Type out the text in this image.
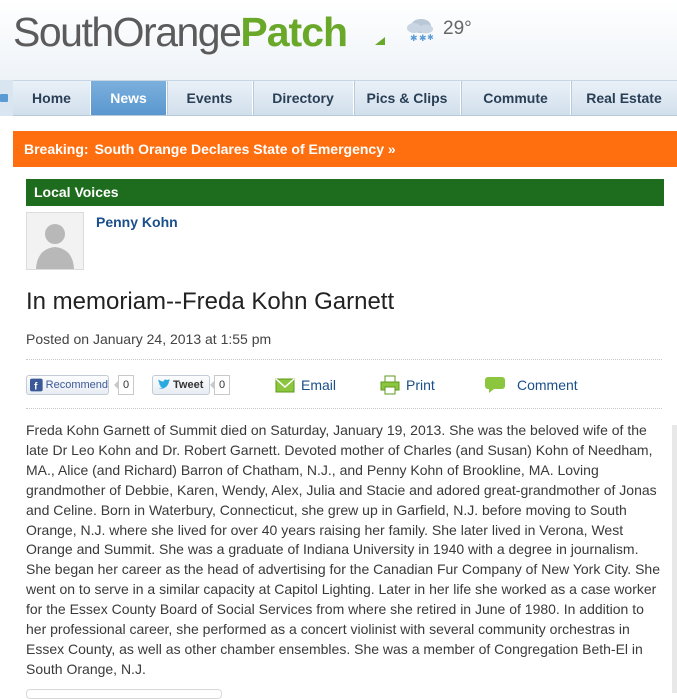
SouthOrangePatch	✱ ✱ ✱ 29°
Home	News	Events	Directory	Pics & Clips	Commute	Real Estate
Breaking: South Orange Declares State of Emergency »
Local Voices
Penny Kohn
In memoriam--Freda Kohn Garnett
Posted on January 24, 2013 at 1:55 pm
f Recommend	0	Tweet	0	Email	Print	Comment
Freda Kohn Garnett of Summit died on Saturday, January 19, 2013. She was the beloved wife of the late Dr Leo Kohn and Dr. Robert Garnett. Devoted mother of Charles (and Susan) Kohn of Needham, MA., Alice (and Richard) Barron of Chatham, N.J., and Penny Kohn of Brookline, MA. Loving grandmother of Debbie, Karen, Wendy, Alex, Julia and Stacie and adored great-grandmother of Jonas and Celine. Born in Waterbury, Connecticut, she grew up in Garfield, N.J. before moving to South Orange, N.J. where she lived for over 40 years raising her family. She later lived in Verona, West Orange and Summit. She was a graduate of Indiana University in 1940 with a degree in journalism. She began her career as the head of advertising for the Canadian Fur Company of New York City. She went on to serve in a similar capacity at Capitol Lighting. Later in her life she worked as a case worker for the Essex County Board of Social Services from where she retired in June of 1980. In addition to her professional career, she performed as a concert violinist with several community orchestras in Essex County, as well as other chamber ensembles. She was a member of Congregation Beth-El in South Orange, N.J.
